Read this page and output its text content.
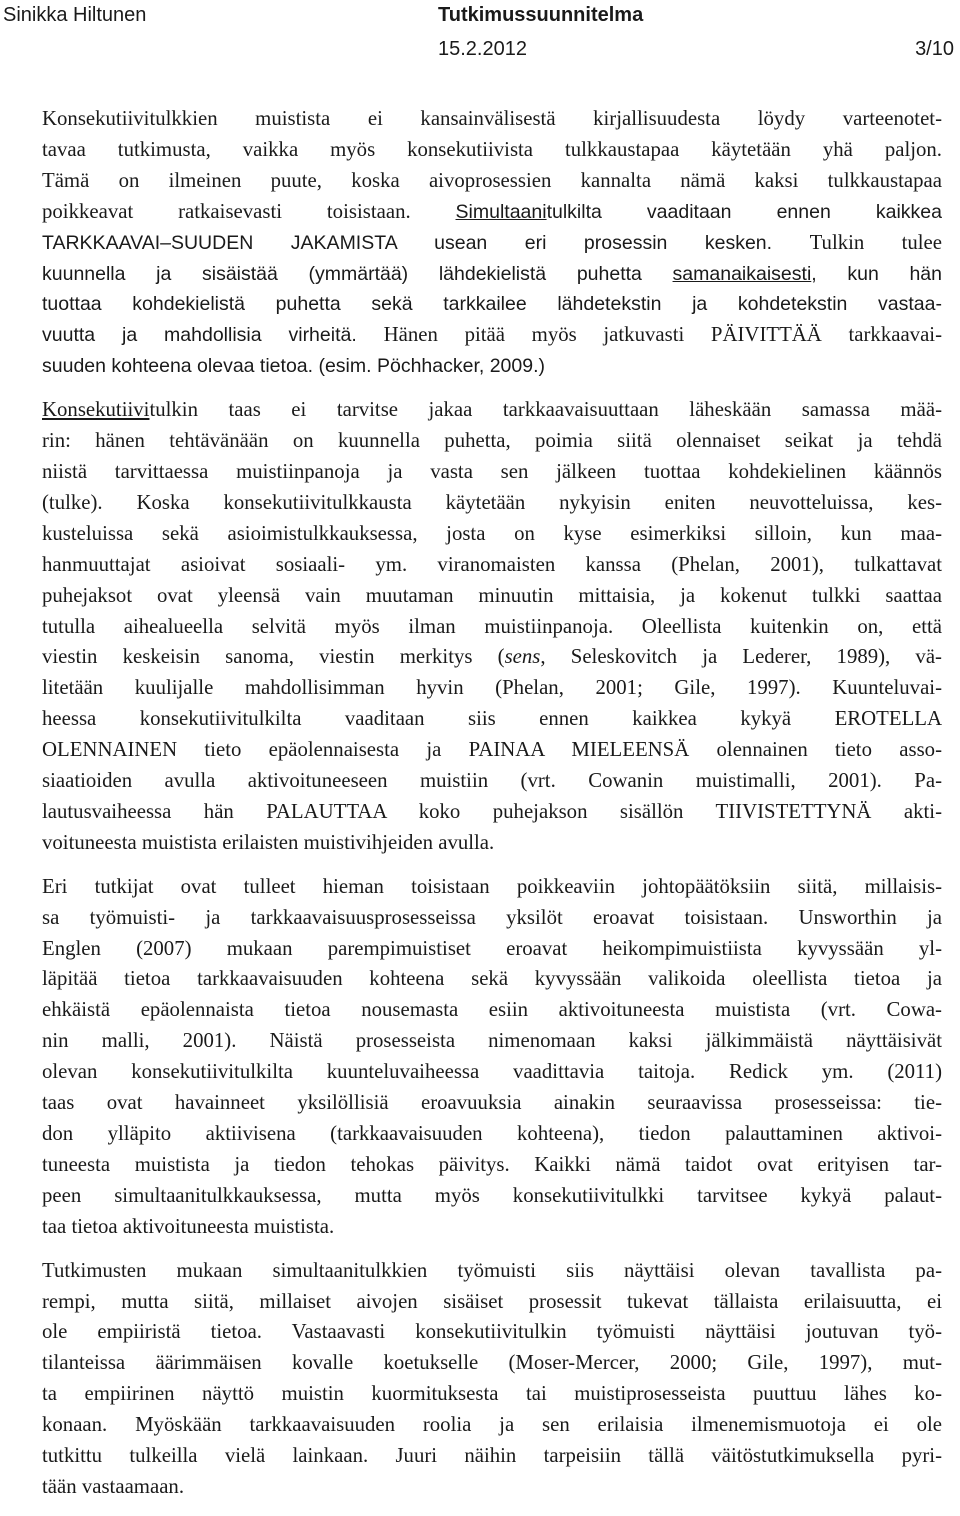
Sinikka Hiltunen	Tutkimussuunnitelma
15.2.2012	3/10
Konsekutiivitulkkien muistista ei kansainvälisestä kirjallisuudesta löydy varteenotet-
tavaa tutkimusta, vaikka myös konsekutiivista tulkkaustapaa käytetään yhä paljon.
Tämä on ilmeinen puute, koska aivoprosessien kannalta nämä kaksi tulkkaustapaa
poikkeavat ratkaisevasti toisistaan. Simultaanitulkilta vaaditaan ennen kaikkea
TARKKAAVAI–SUUDEN JAKAMISTA usean eri prosessin kesken. Tulkin tulee
kuunnella ja sisäistää (ymmärtää) lähdekielistä puhetta samanaikaisesti, kun hän
tuottaa kohdekielistä puhetta sekä tarkkailee lähdetekstin ja kohdetekstin vastaa-
vuutta ja mahdollisia virheitä. Hänen pitää myös jatkuvasti PÄIVITTÄÄ tarkkaavai-
suuden kohteena olevaa tietoa. (esim. Pöchhacker, 2009.)
Konsekutiivitulkin taas ei tarvitse jakaa tarkkaavaisuuttaan läheskään samassa mää-
rin: hänen tehtävänään on kuunnella puhetta, poimia siitä olennaiset seikat ja tehdä
niistä tarvittaessa muistiinpanoja ja vasta sen jälkeen tuottaa kohdekielinen käännös
(tulke). Koska konsekutiivitulkkausta käytetään nykyisin eniten neuvotteluissa, kes-
kusteluissa sekä asioimistulkkauksessa, josta on kyse esimerkiksi silloin, kun maa-
hanmuuttajat asioivat sosiaali- ym. viranomaisten kanssa (Phelan, 2001), tulkattavat
puhejaksot ovat yleensä vain muutaman minuutin mittaisia, ja kokenut tulkki saattaa
tutulla aihealueella selvitä myös ilman muistiinpanoja. Oleellista kuitenkin on, että
viestin keskeisin sanoma, viestin merkitys (sens, Seleskovitch ja Lederer, 1989), vä-
litetään kuulijalle mahdollisimman hyvin (Phelan, 2001; Gile, 1997). Kuunteluvai-
heessa konsekutiivitulkilta vaaditaan siis ennen kaikkea kykyä EROTELLA
OLENNAINEN tieto epäolennaisesta ja PAINAA MIELEENSÄ olennainen tieto asso-
siaatioiden avulla aktivoituneeseen muistiin (vrt. Cowanin muistimalli, 2001). Pa-
lautusvaiheessa hän PALAUTTAA koko puhejakson sisällön TIIVISTETTYNÄ akti-
voituneesta muistista erilaisten muistivihjeiden avulla.
Eri tutkijat ovat tulleet hieman toisistaan poikkeaviin johtopäätöksiin siitä, millaisis-
sa työmuisti- ja tarkkaavaisuusprosesseissa yksilöt eroavat toisistaan. Unsworthin ja
Englen (2007) mukaan parempimuistiset eroavat heikompimuistiista kyvyssään yl-
läpitää tietoa tarkkaavaisuuden kohteena sekä kyvyssään valikoida oleellista tietoa ja
ehkäistä epäolennaista tietoa nousemasta esiin aktivoituneesta muistista (vrt. Cowa-
nin malli, 2001). Näistä prosesseista nimenomaan kaksi jälkimmäistä näyttäisivät
olevan konsekutiivitulkilta kuunteluvaiheessa vaadittavia taitoja. Redick ym. (2011)
taas ovat havainneet yksilöllisiä eroavuuksia ainakin seuraavissa prosesseissa: tie-
don ylläpito aktiivisena (tarkkaavaisuuden kohteena), tiedon palauttaminen aktivoi-
tuneesta muistista ja tiedon tehokas päivitys. Kaikki nämä taidot ovat erityisen tar-
peen simultaanitulkkauksessa, mutta myös konsekutiivitulkki tarvitsee kykyä palaut-
taa tietoa aktivoituneesta muistista.
Tutkimusten mukaan simultaanitulkkien työmuisti siis näyttäisi olevan tavallista pa-
rempi, mutta siitä, millaiset aivojen sisäiset prosessit tukevat tällaista erilaisuutta, ei
ole empiiristä tietoa. Vastaavasti konsekutiivitulkin työmuisti näyttäisi joutuvan työ-
tilanteissa äärimmäisen kovalle koetukselle (Moser-Mercer, 2000; Gile, 1997), mut-
ta empiirinen näyttö muistin kuormituksesta tai muistiprosesseista puuttuu lähes ko-
konaan. Myöskään tarkkaavaisuuden roolia ja sen erilaisia ilmenemismuotoja ei ole
tutkittu tulkeilla vielä lainkaan. Juuri näihin tarpeisiin tällä väitöstutkimuksella pyri-
tään vastaamaan.
